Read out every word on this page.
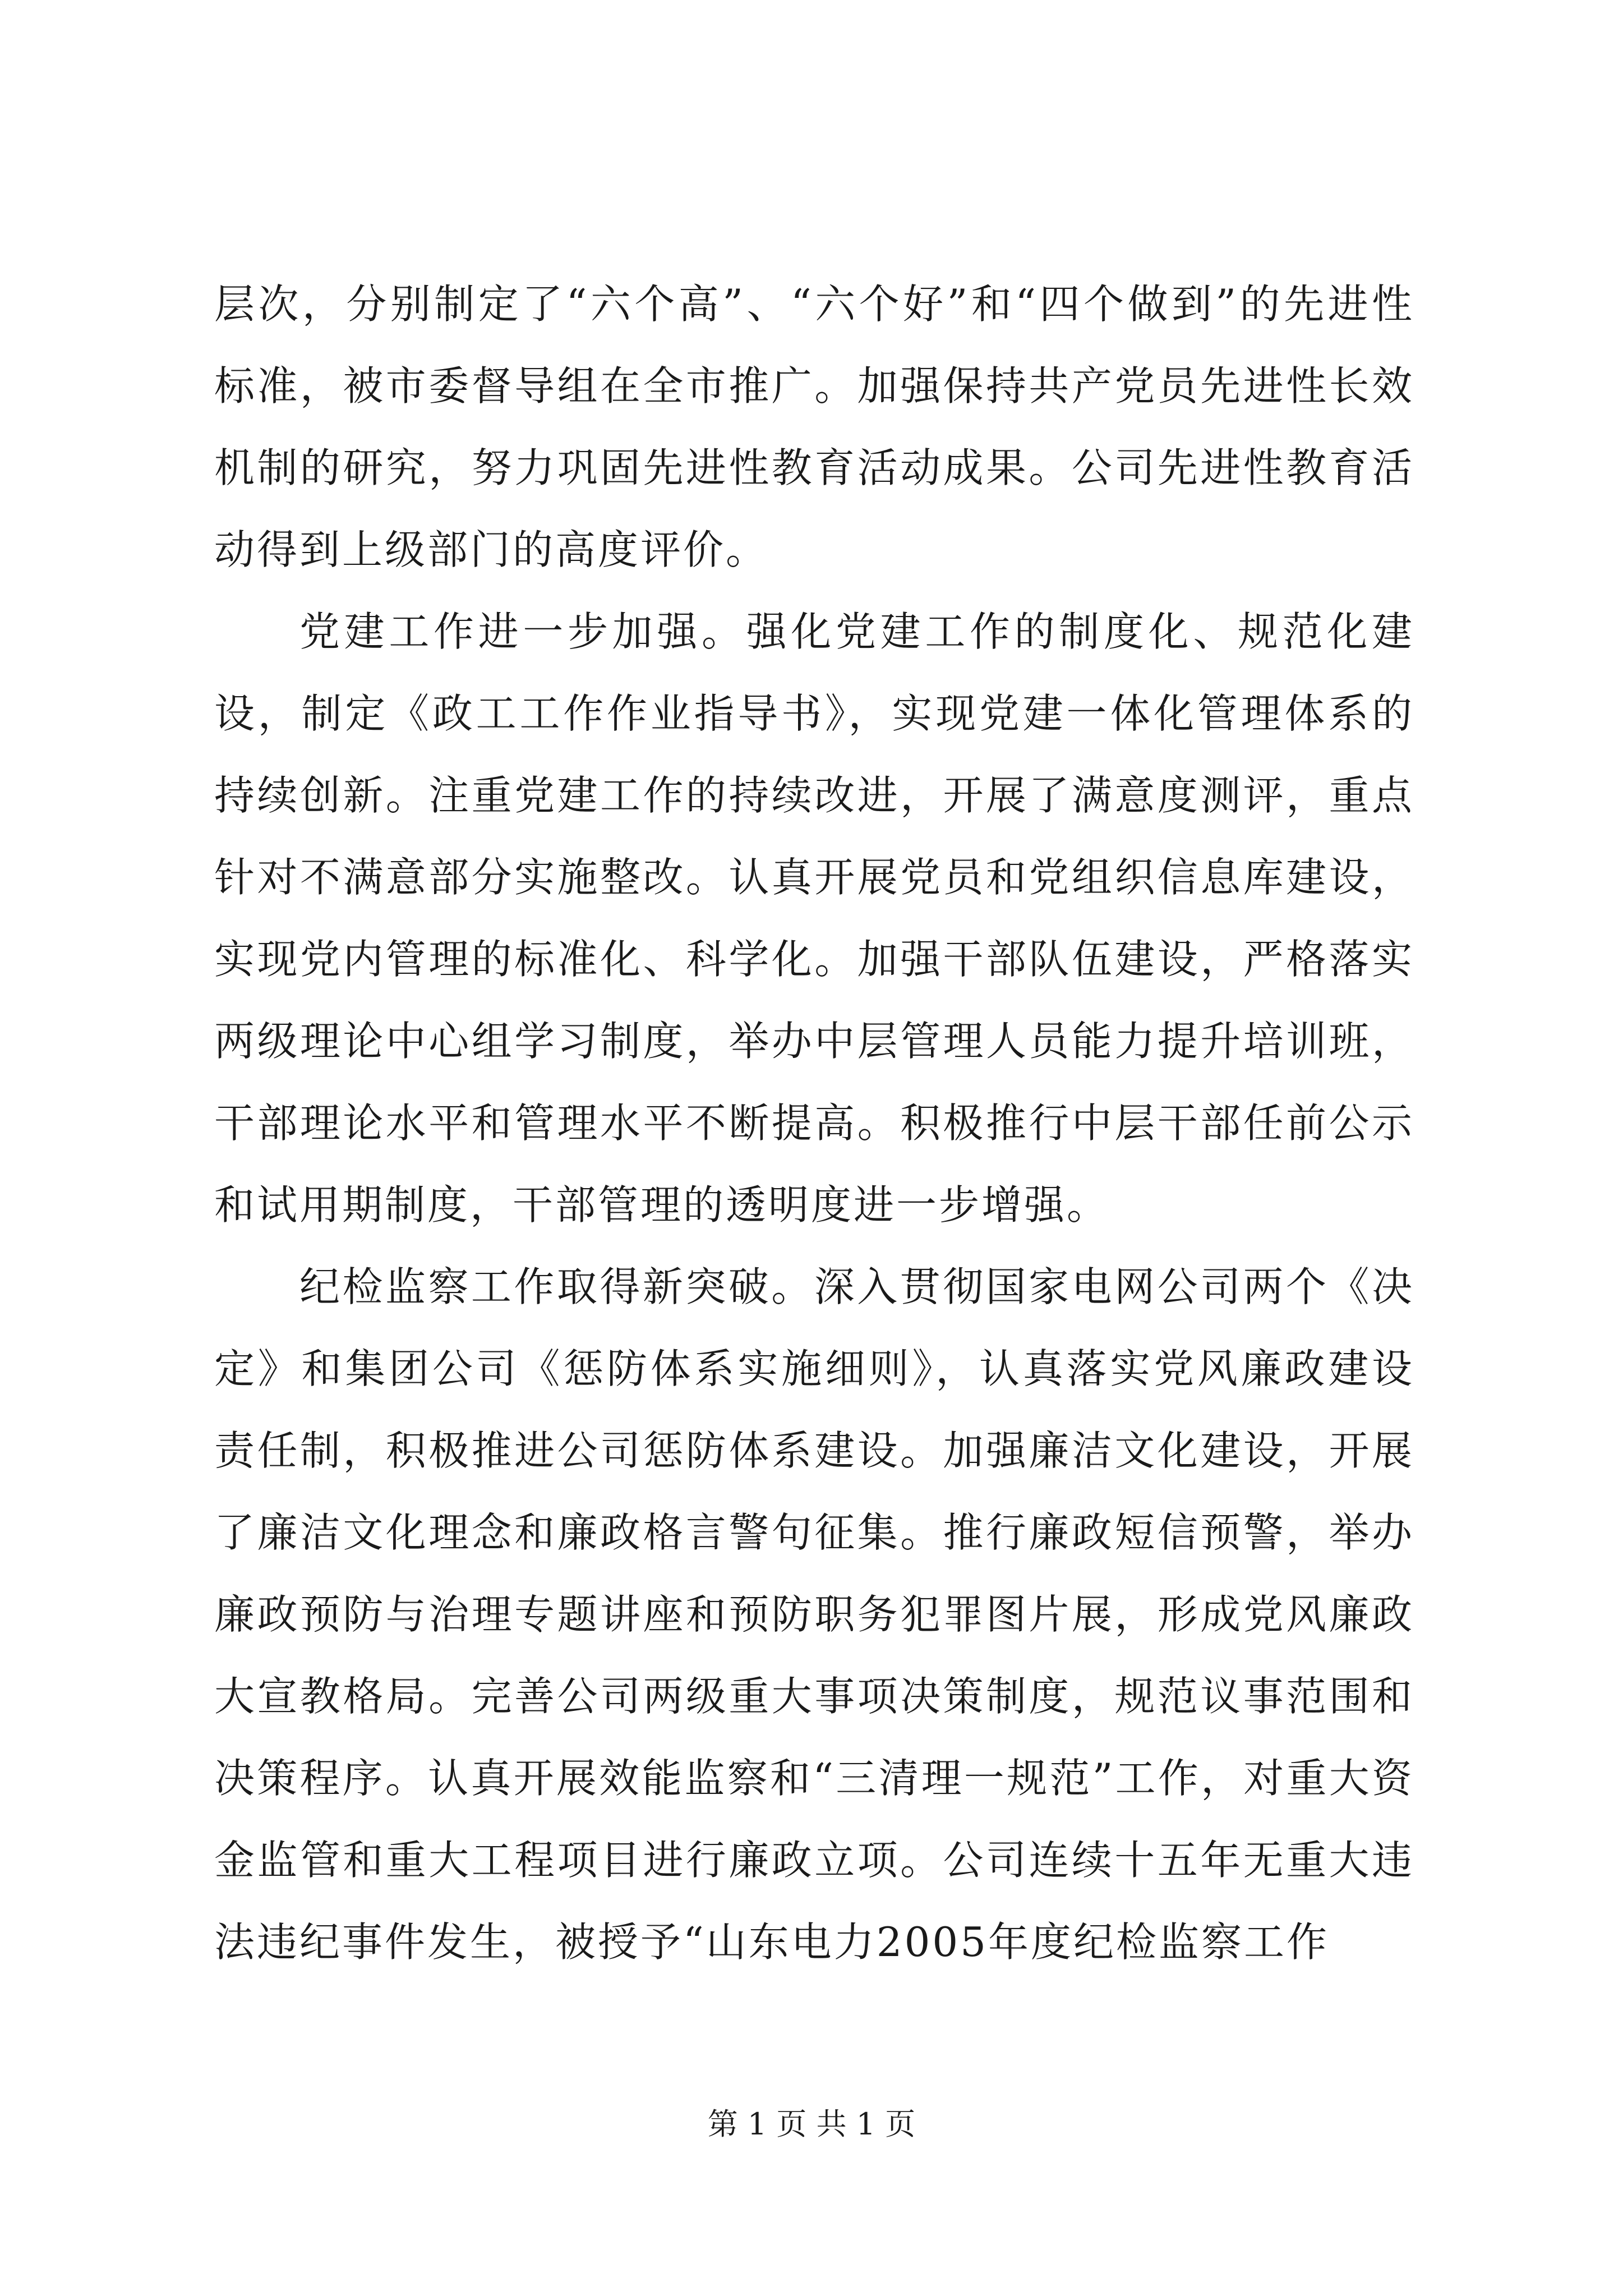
层次，分别制定了“六个高”、“六个好”和“四个做到”的先进性标准，被市委督导组在全市推广。加强保持共产党员先进性长效机制的研究，努力巩固先进性教育活动成果。公司先进性教育活动得到上级部门的高度评价。

党建工作进一步加强。强化党建工作的制度化、规范化建设，制定《政工工作作业指导书》，实现党建一体化管理体系的持续创新。注重党建工作的持续改进，开展了满意度测评，重点针对不满意部分实施整改。认真开展党员和党组织信息库建设，实现党内管理的标准化、科学化。加强干部队伍建设，严格落实两级理论中心组学习制度，举办中层管理人员能力提升培训班，干部理论水平和管理水平不断提高。积极推行中层干部任前公示和试用期制度，干部管理的透明度进一步增强。

纪检监察工作取得新突破。深入贯彻国家电网公司两个《决定》和集团公司《惩防体系实施细则》，认真落实党风廉政建设责任制，积极推进公司惩防体系建设。加强廉洁文化建设，开展了廉洁文化理念和廉政格言警句征集。推行廉政短信预警，举办廉政预防与治理专题讲座和预防职务犯罪图片展，形成党风廉政大宣教格局。完善公司两级重大事项决策制度，规范议事范围和决策程序。认真开展效能监察和“三清理一规范”工作，对重大资金监管和重大工程项目进行廉政立项。公司连续十五年无重大违法违纪事件发生，被授予“山东电力2005年度纪检监察工作

第 1 页 共 1 页
